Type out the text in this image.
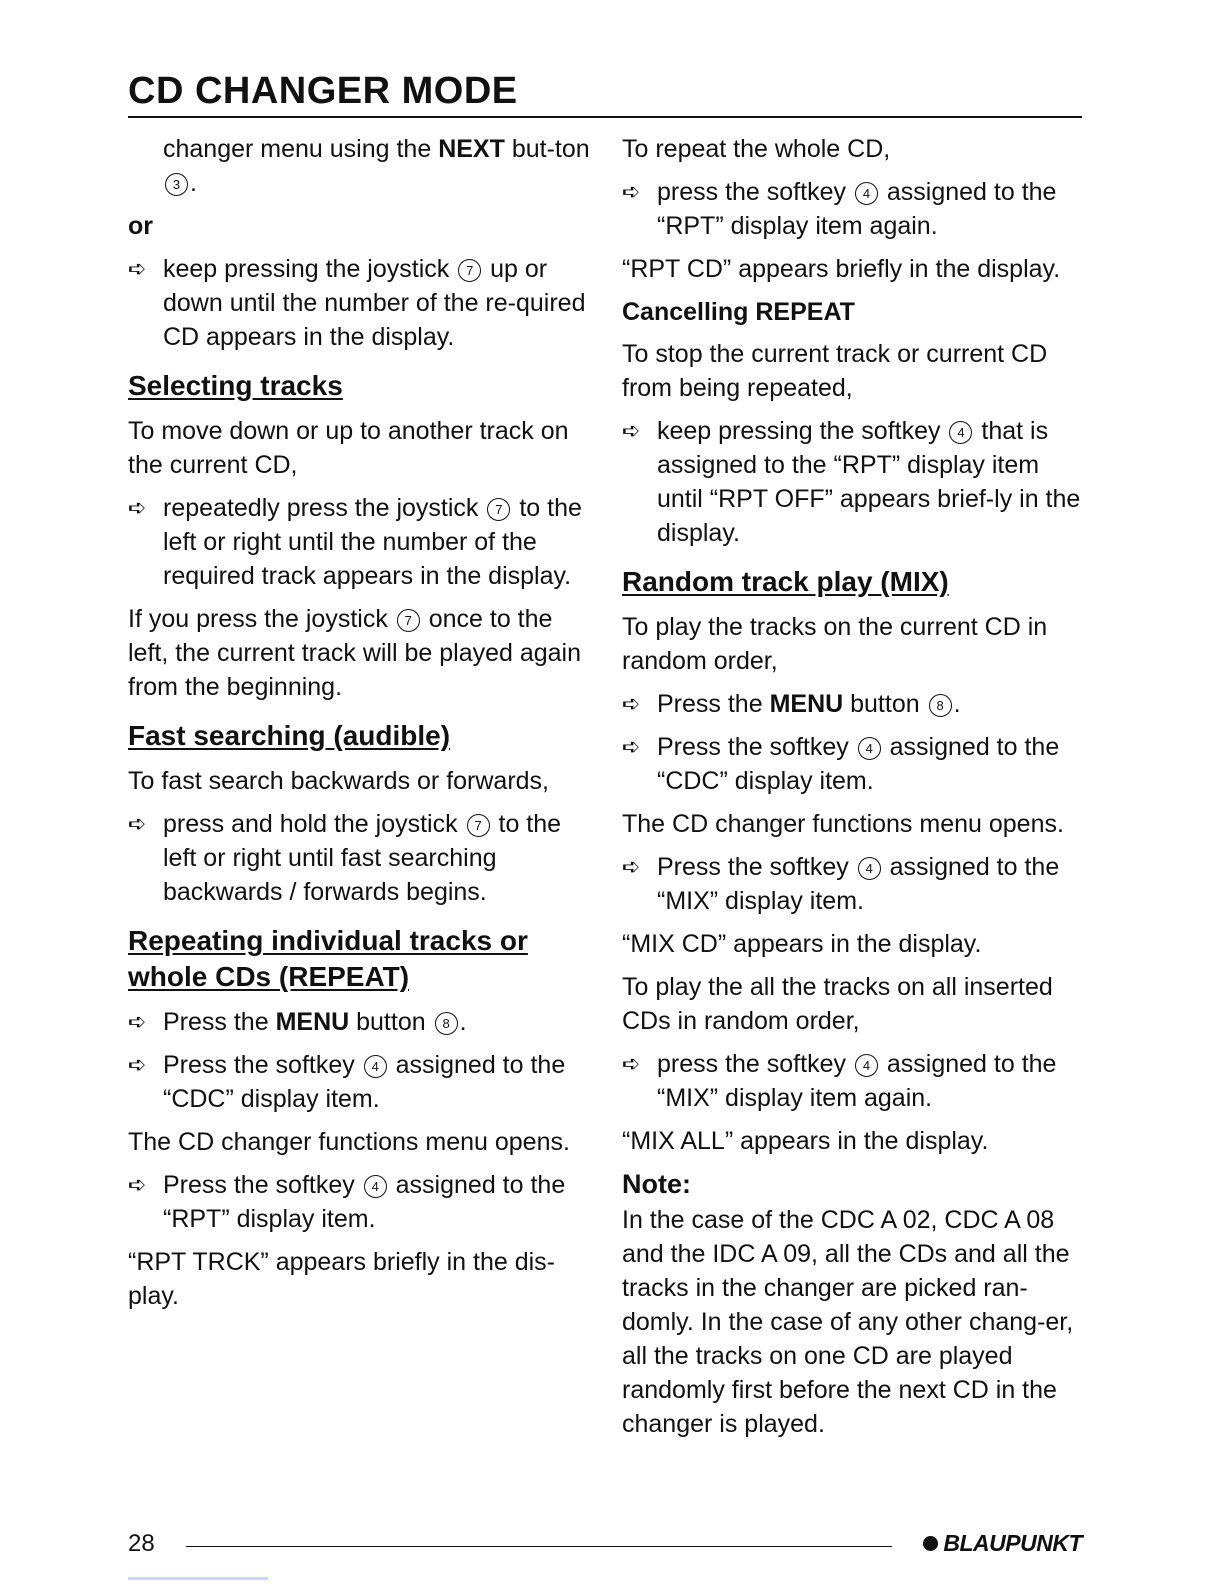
CD CHANGER MODE

changer menu using the NEXT but-ton 3 .

or

➪ keep pressing the joystick 7 up or down until the number of the re-quired CD appears in the display.
Selecting tracks

To move down or up to another track on the current CD,

➪ repeatedly press the joystick 7 to the left or right until the number of the required track appears in the display.

If you press the joystick 7 once to the left, the current track will be played again from the beginning.

Fast searching (audible)

To fast search backwards or forwards,

➪ press and hold the joystick 7 to the left or right until fast searching backwards / forwards begins.
Repeating individual tracks or whole CDs (REPEAT)
➪ Press the MENU button 8 .
➪ Press the softkey 4 assigned to the “CDC” display item.

The CD changer functions menu opens.

➪ Press the softkey 4 assigned to the “RPT” display item.

“RPT TRCK” appears briefly in the dis-play.

To repeat the whole CD,

➪ press the softkey 4 assigned to the “RPT” display item again.

“RPT CD” appears briefly in the display.

Cancelling REPEAT

To stop the current track or current CD from being repeated,

➪ keep pressing the softkey 4 that is assigned to the “RPT” display item until “RPT OFF” appears brief-ly in the display.
Random track play (MIX)

To play the tracks on the current CD in random order,

➪ Press the MENU button 8 .
➪ Press the softkey 4 assigned to the “CDC” display item.

The CD changer functions menu opens.

➪ Press the softkey 4 assigned to the “MIX” display item.

“MIX CD” appears in the display.

To play the all the tracks on all inserted CDs in random order,

➪ press the softkey 4 assigned to the “MIX” display item again.

“MIX ALL” appears in the display.

Note:

In the case of the CDC A 02, CDC A 08 and the IDC A 09, all the CDs and all the tracks in the changer are picked ran-domly. In the case of any other chang-er, all the tracks on one CD are played randomly first before the next CD in the changer is played.

28	BLAUPUNKT
